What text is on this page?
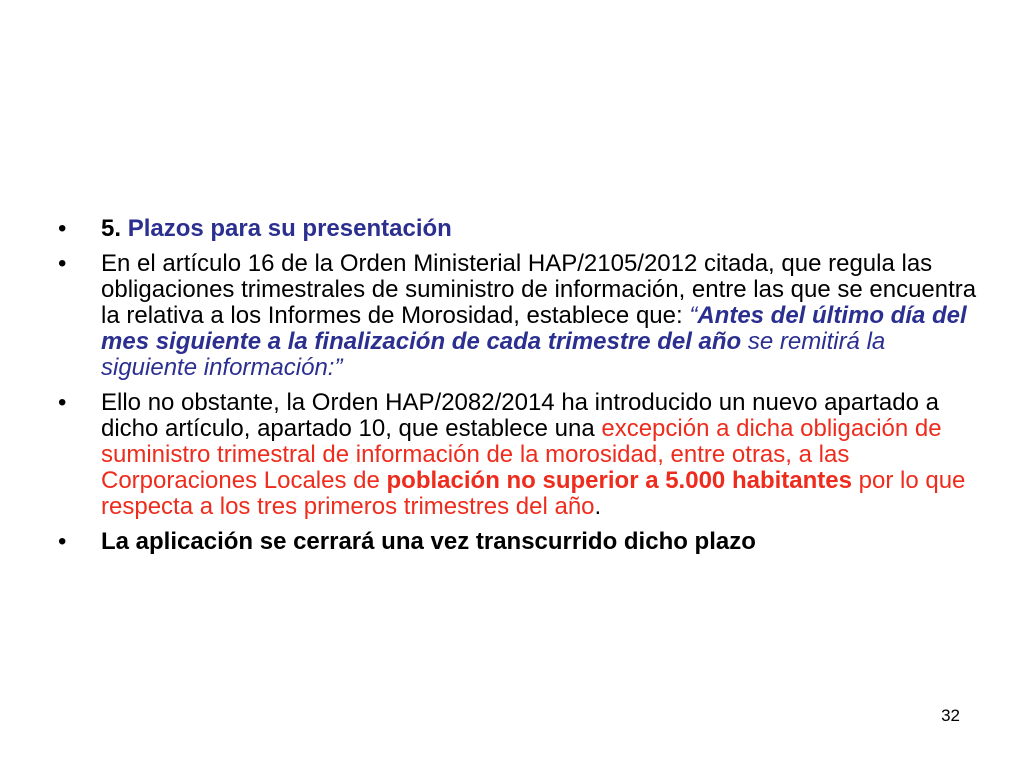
•	5. Plazos para su presentación
•	En el artículo 16 de la Orden Ministerial HAP/2105/2012 citada, que regula las obligaciones trimestrales de suministro de información, entre las que se encuentra la relativa a los Informes de Morosidad, establece que: “Antes del último día del mes siguiente a la finalización de cada trimestre del año se remitirá la siguiente información:”
•	Ello no obstante, la Orden HAP/2082/2014 ha introducido un nuevo apartado a dicho artículo, apartado 10, que establece una excepción a dicha obligación de suministro trimestral de información de la morosidad, entre otras, a las Corporaciones Locales de población no superior a 5.000 habitantes por lo que respecta a los tres primeros trimestres del año.
•	La aplicación se cerrará una vez transcurrido dicho plazo
32
